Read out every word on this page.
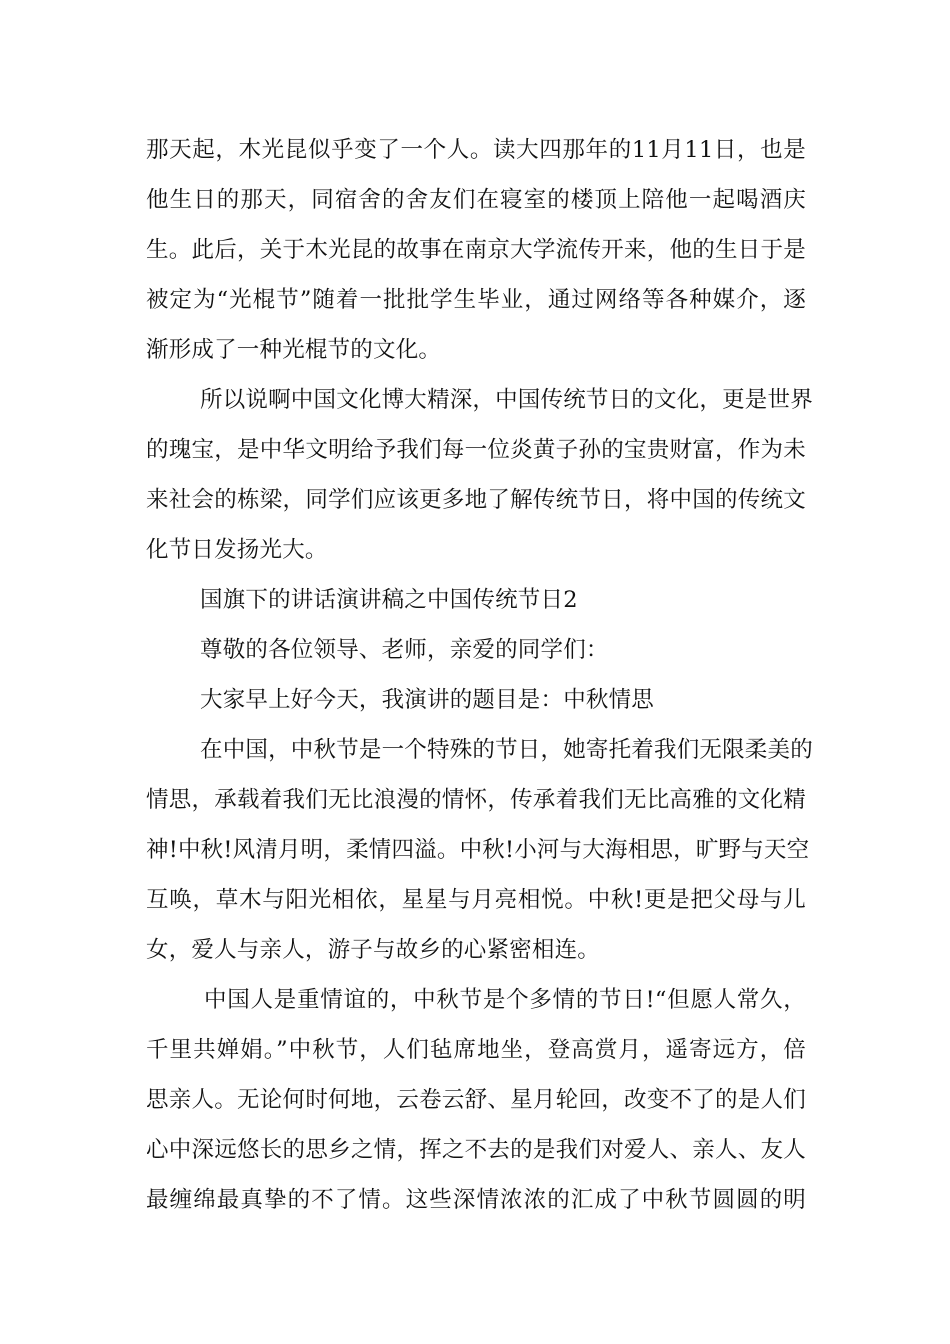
那天起，木光昆似乎变了一个人。读大四那年的11月11日，也是
他生日的那天，同宿舍的舍友们在寝室的楼顶上陪他一起喝酒庆
生。此后，关于木光昆的故事在南京大学流传开来，他的生日于是
被定为“光棍节”随着一批批学生毕业，通过网络等各种媒介，逐
渐形成了一种光棍节的文化。
所以说啊中国文化博大精深，中国传统节日的文化，更是世界
的瑰宝，是中华文明给予我们每一位炎黄子孙的宝贵财富，作为未
来社会的栋梁，同学们应该更多地了解传统节日，将中国的传统文
化节日发扬光大。
国旗下的讲话演讲稿之中国传统节日2
尊敬的各位领导、老师，亲爱的同学们：
大家早上好今天，我演讲的题目是：中秋情思
在中国，中秋节是一个特殊的节日，她寄托着我们无限柔美的
情思，承载着我们无比浪漫的情怀，传承着我们无比高雅的文化精
神!中秋!风清月明，柔情四溢。中秋!小河与大海相思，旷野与天空
互唤，草木与阳光相依，星星与月亮相悦。中秋!更是把父母与儿
女，爱人与亲人，游子与故乡的心紧密相连。
中国人是重情谊的，中秋节是个多情的节日!“但愿人常久，
千里共婵娟。”中秋节，人们毡席地坐，登高赏月，遥寄远方，倍
思亲人。无论何时何地，云卷云舒、星月轮回，改变不了的是人们
心中深远悠长的思乡之情，挥之不去的是我们对爱人、亲人、友人
最缠绵最真挚的不了情。这些深情浓浓的汇成了中秋节圆圆的明
